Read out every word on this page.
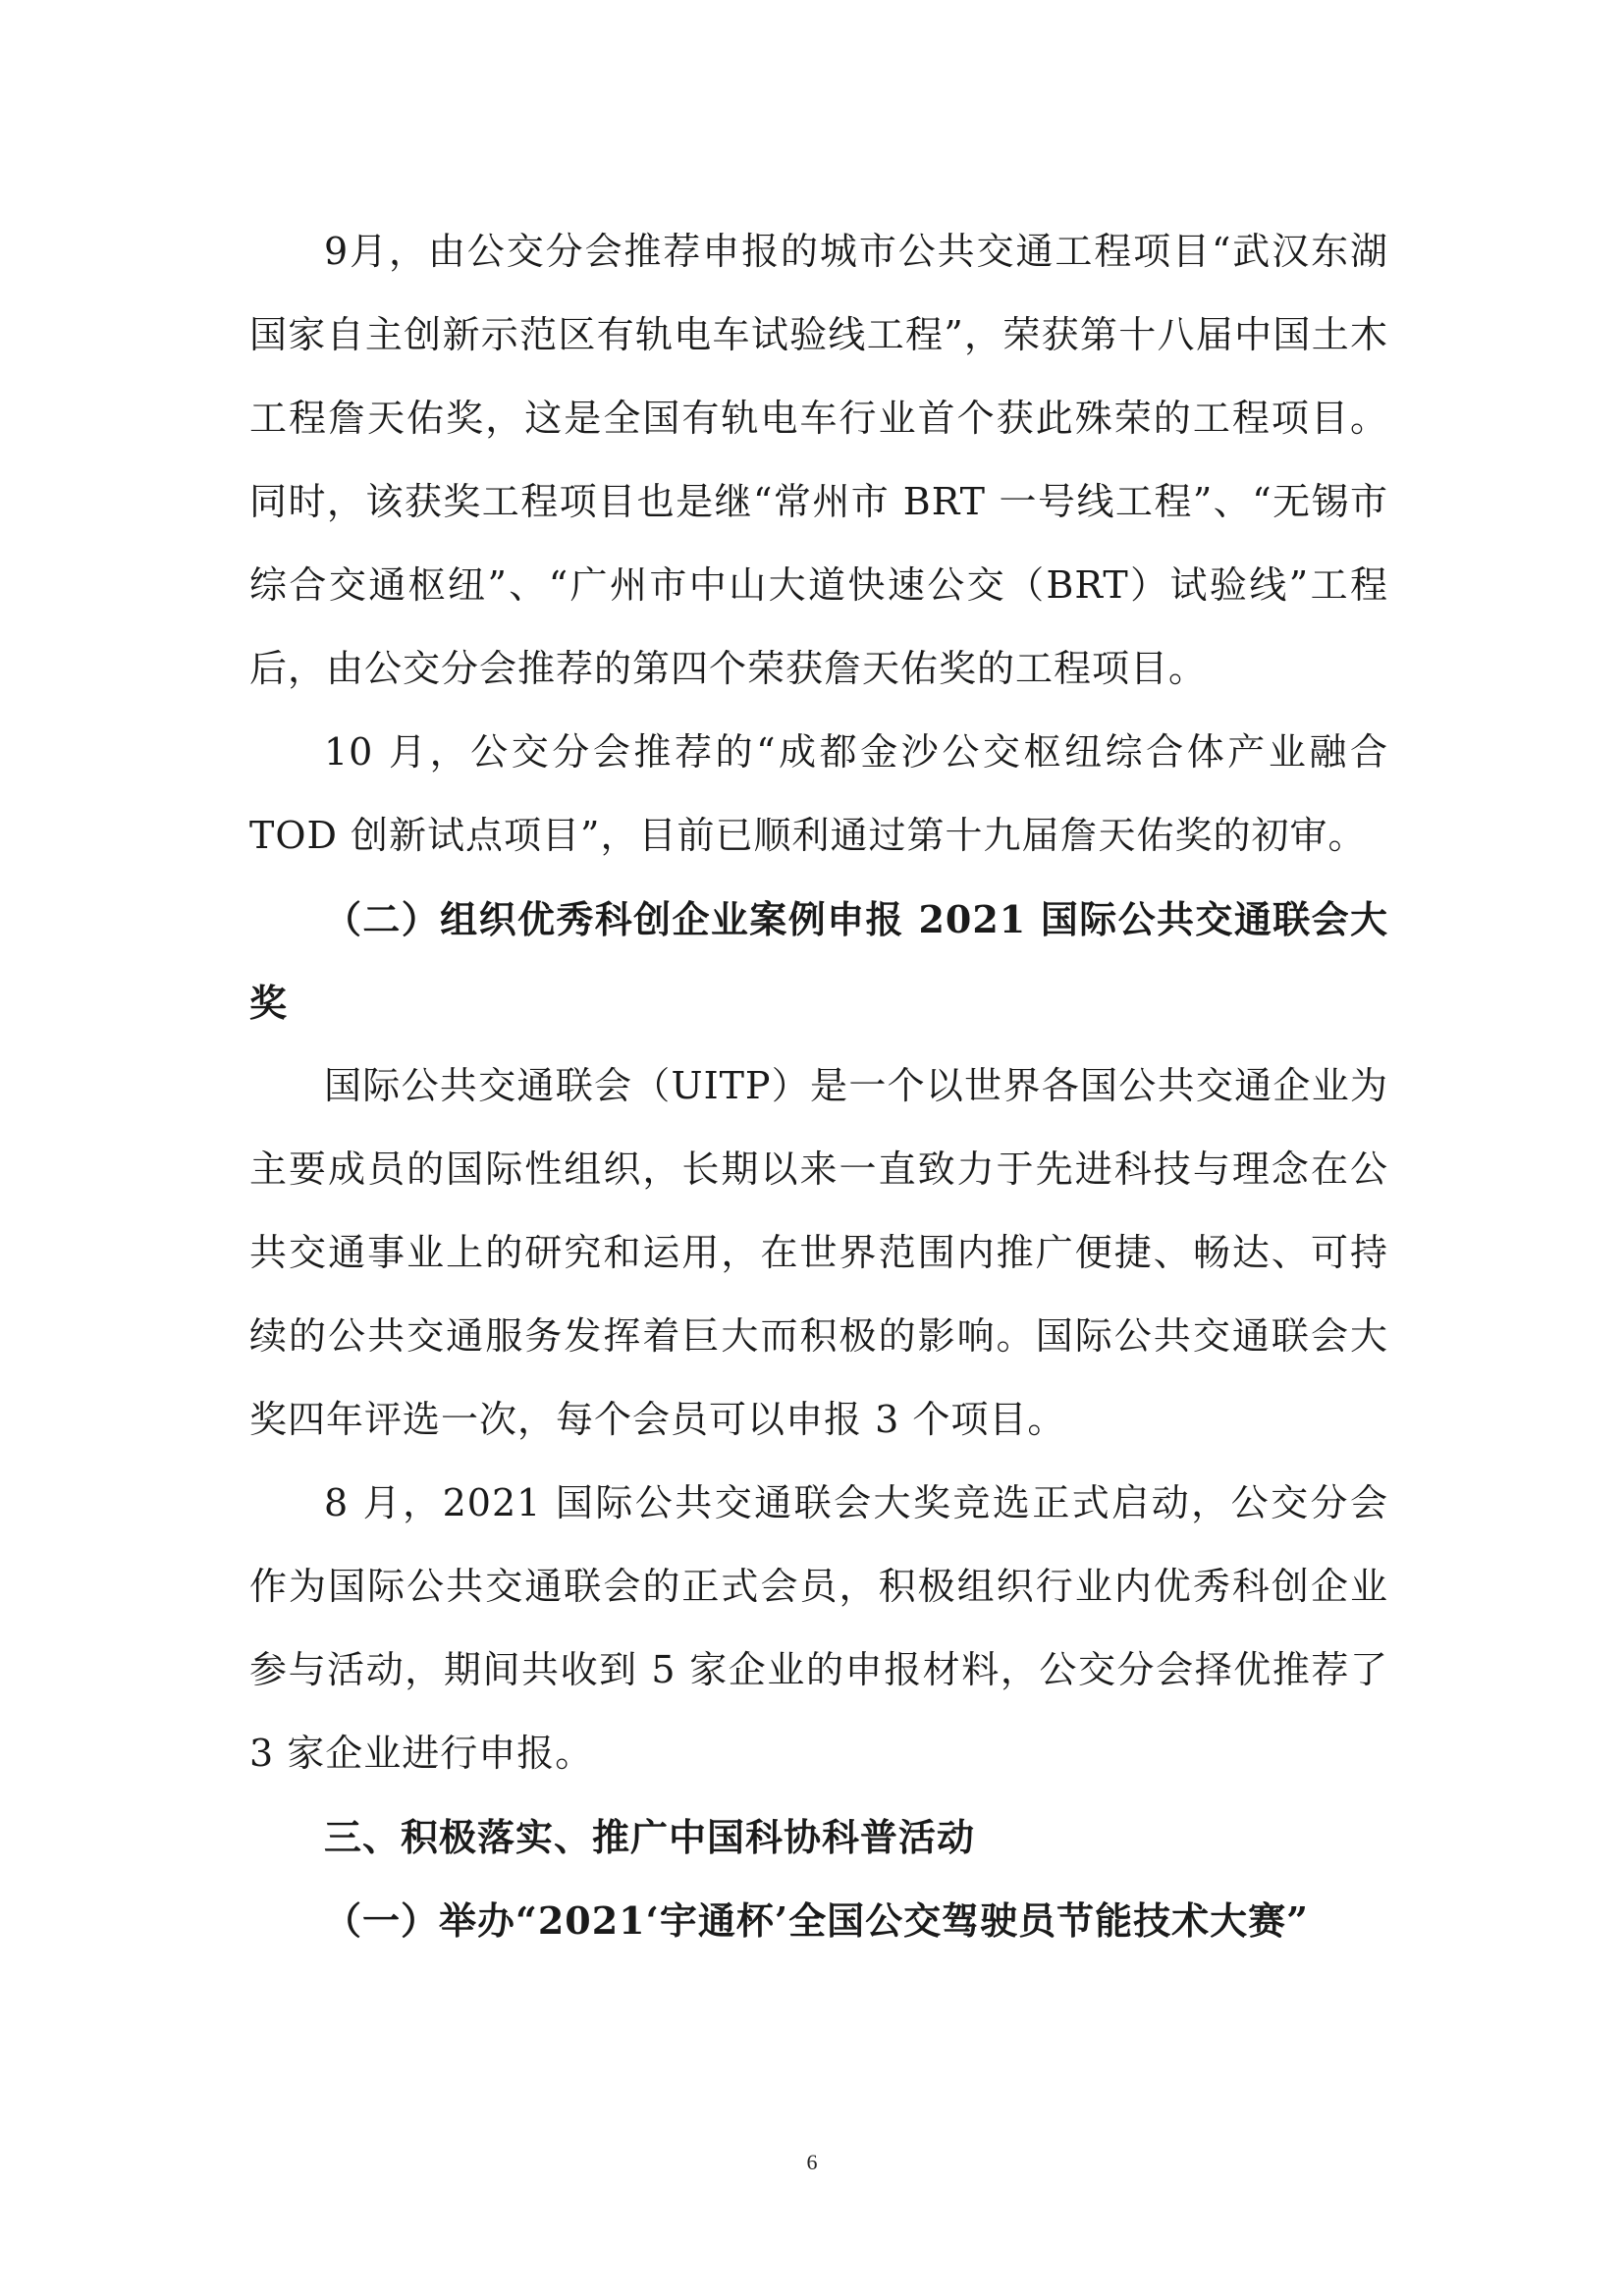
9月，由公交分会推荐申报的城市公共交通工程项目“武汉东湖国家自主创新示范区有轨电车试验线工程”，荣获第十八届中国土木工程詹天佑奖，这是全国有轨电车行业首个获此殊荣的工程项目。同时，该获奖工程项目也是继“常州市 BRT 一号线工程”、“无锡市综合交通枢纽”、“广州市中山大道快速公交（BRT）试验线”工程后，由公交分会推荐的第四个荣获詹天佑奖的工程项目。

10 月，公交分会推荐的“成都金沙公交枢纽综合体产业融合 TOD 创新试点项目”，目前已顺利通过第十九届詹天佑奖的初审。

（二）组织优秀科创企业案例申报 2021 国际公共交通联会大奖

国际公共交通联会（UITP）是一个以世界各国公共交通企业为主要成员的国际性组织，长期以来一直致力于先进科技与理念在公共交通事业上的研究和运用，在世界范围内推广便捷、畅达、可持续的公共交通服务发挥着巨大而积极的影响。国际公共交通联会大奖四年评选一次，每个会员可以申报 3 个项目。

8 月，2021 国际公共交通联会大奖竞选正式启动，公交分会作为国际公共交通联会的正式会员，积极组织行业内优秀科创企业参与活动，期间共收到 5 家企业的申报材料，公交分会择优推荐了 3 家企业进行申报。

三、积极落实、推广中国科协科普活动

（一）举办“2021‘宇通杯’全国公交驾驶员节能技术大赛”

6
